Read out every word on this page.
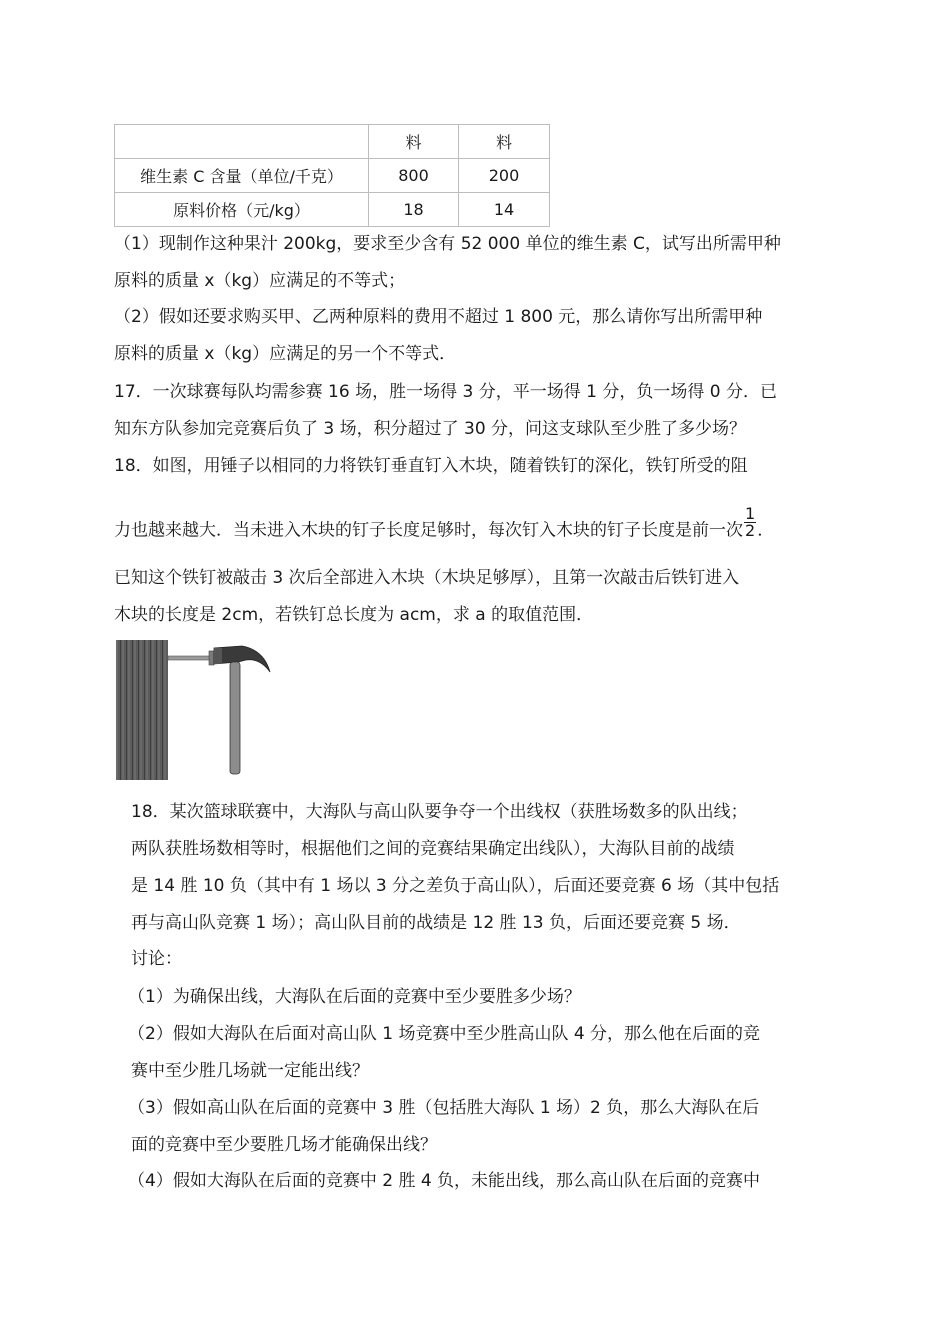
	料	料
维生素 C 含量（单位/千克）	800	200
原料价格（元/kg）	18	14
（1）现制作这种果汁 200kg，要求至少含有 52 000 单位的维生素 C，试写出所需甲种
原料的质量 x（kg）应满足的不等式；
（2）假如还要求购买甲、乙两种原料的费用不超过 1 800 元，那么请你写出所需甲种
原料的质量 x（kg）应满足的另一个不等式．
17．一次球赛每队均需参赛 16 场，胜一场得 3 分，平一场得 1 分，负一场得 0 分．已
知东方队参加完竞赛后负了 3 场，积分超过了 30 分，问这支球队至少胜了多少场？
18．如图，用锤子以相同的力将铁钉垂直钉入木块，随着铁钉的深化，铁钉所受的阻
力也越来越大．当未进入木块的钉子长度足够时，每次钉入木块的钉子长度是前一次 $\frac{1}{2}$ ．
已知这个铁钉被敲击 3 次后全部进入木块（木块足够厚），且第一次敲击后铁钉进入
木块的长度是 2cm，若铁钉总长度为 acm，求 a 的取值范围．
18．某次篮球联赛中，大海队与高山队要争夺一个出线权（获胜场数多的队出线；
两队获胜场数相等时，根据他们之间的竞赛结果确定出线队），大海队目前的战绩
是 14 胜 10 负（其中有 1 场以 3 分之差负于高山队），后面还要竞赛 6 场（其中包括
再与高山队竞赛 1 场）；高山队目前的战绩是 12 胜 13 负，后面还要竞赛 5 场．
讨论：
（1）为确保出线，大海队在后面的竞赛中至少要胜多少场？
（2）假如大海队在后面对高山队 1 场竞赛中至少胜高山队 4 分，那么他在后面的竞
赛中至少胜几场就一定能出线？
（3）假如高山队在后面的竞赛中 3 胜（包括胜大海队 1 场）2 负，那么大海队在后
面的竞赛中至少要胜几场才能确保出线？
（4）假如大海队在后面的竞赛中 2 胜 4 负，未能出线，那么高山队在后面的竞赛中
